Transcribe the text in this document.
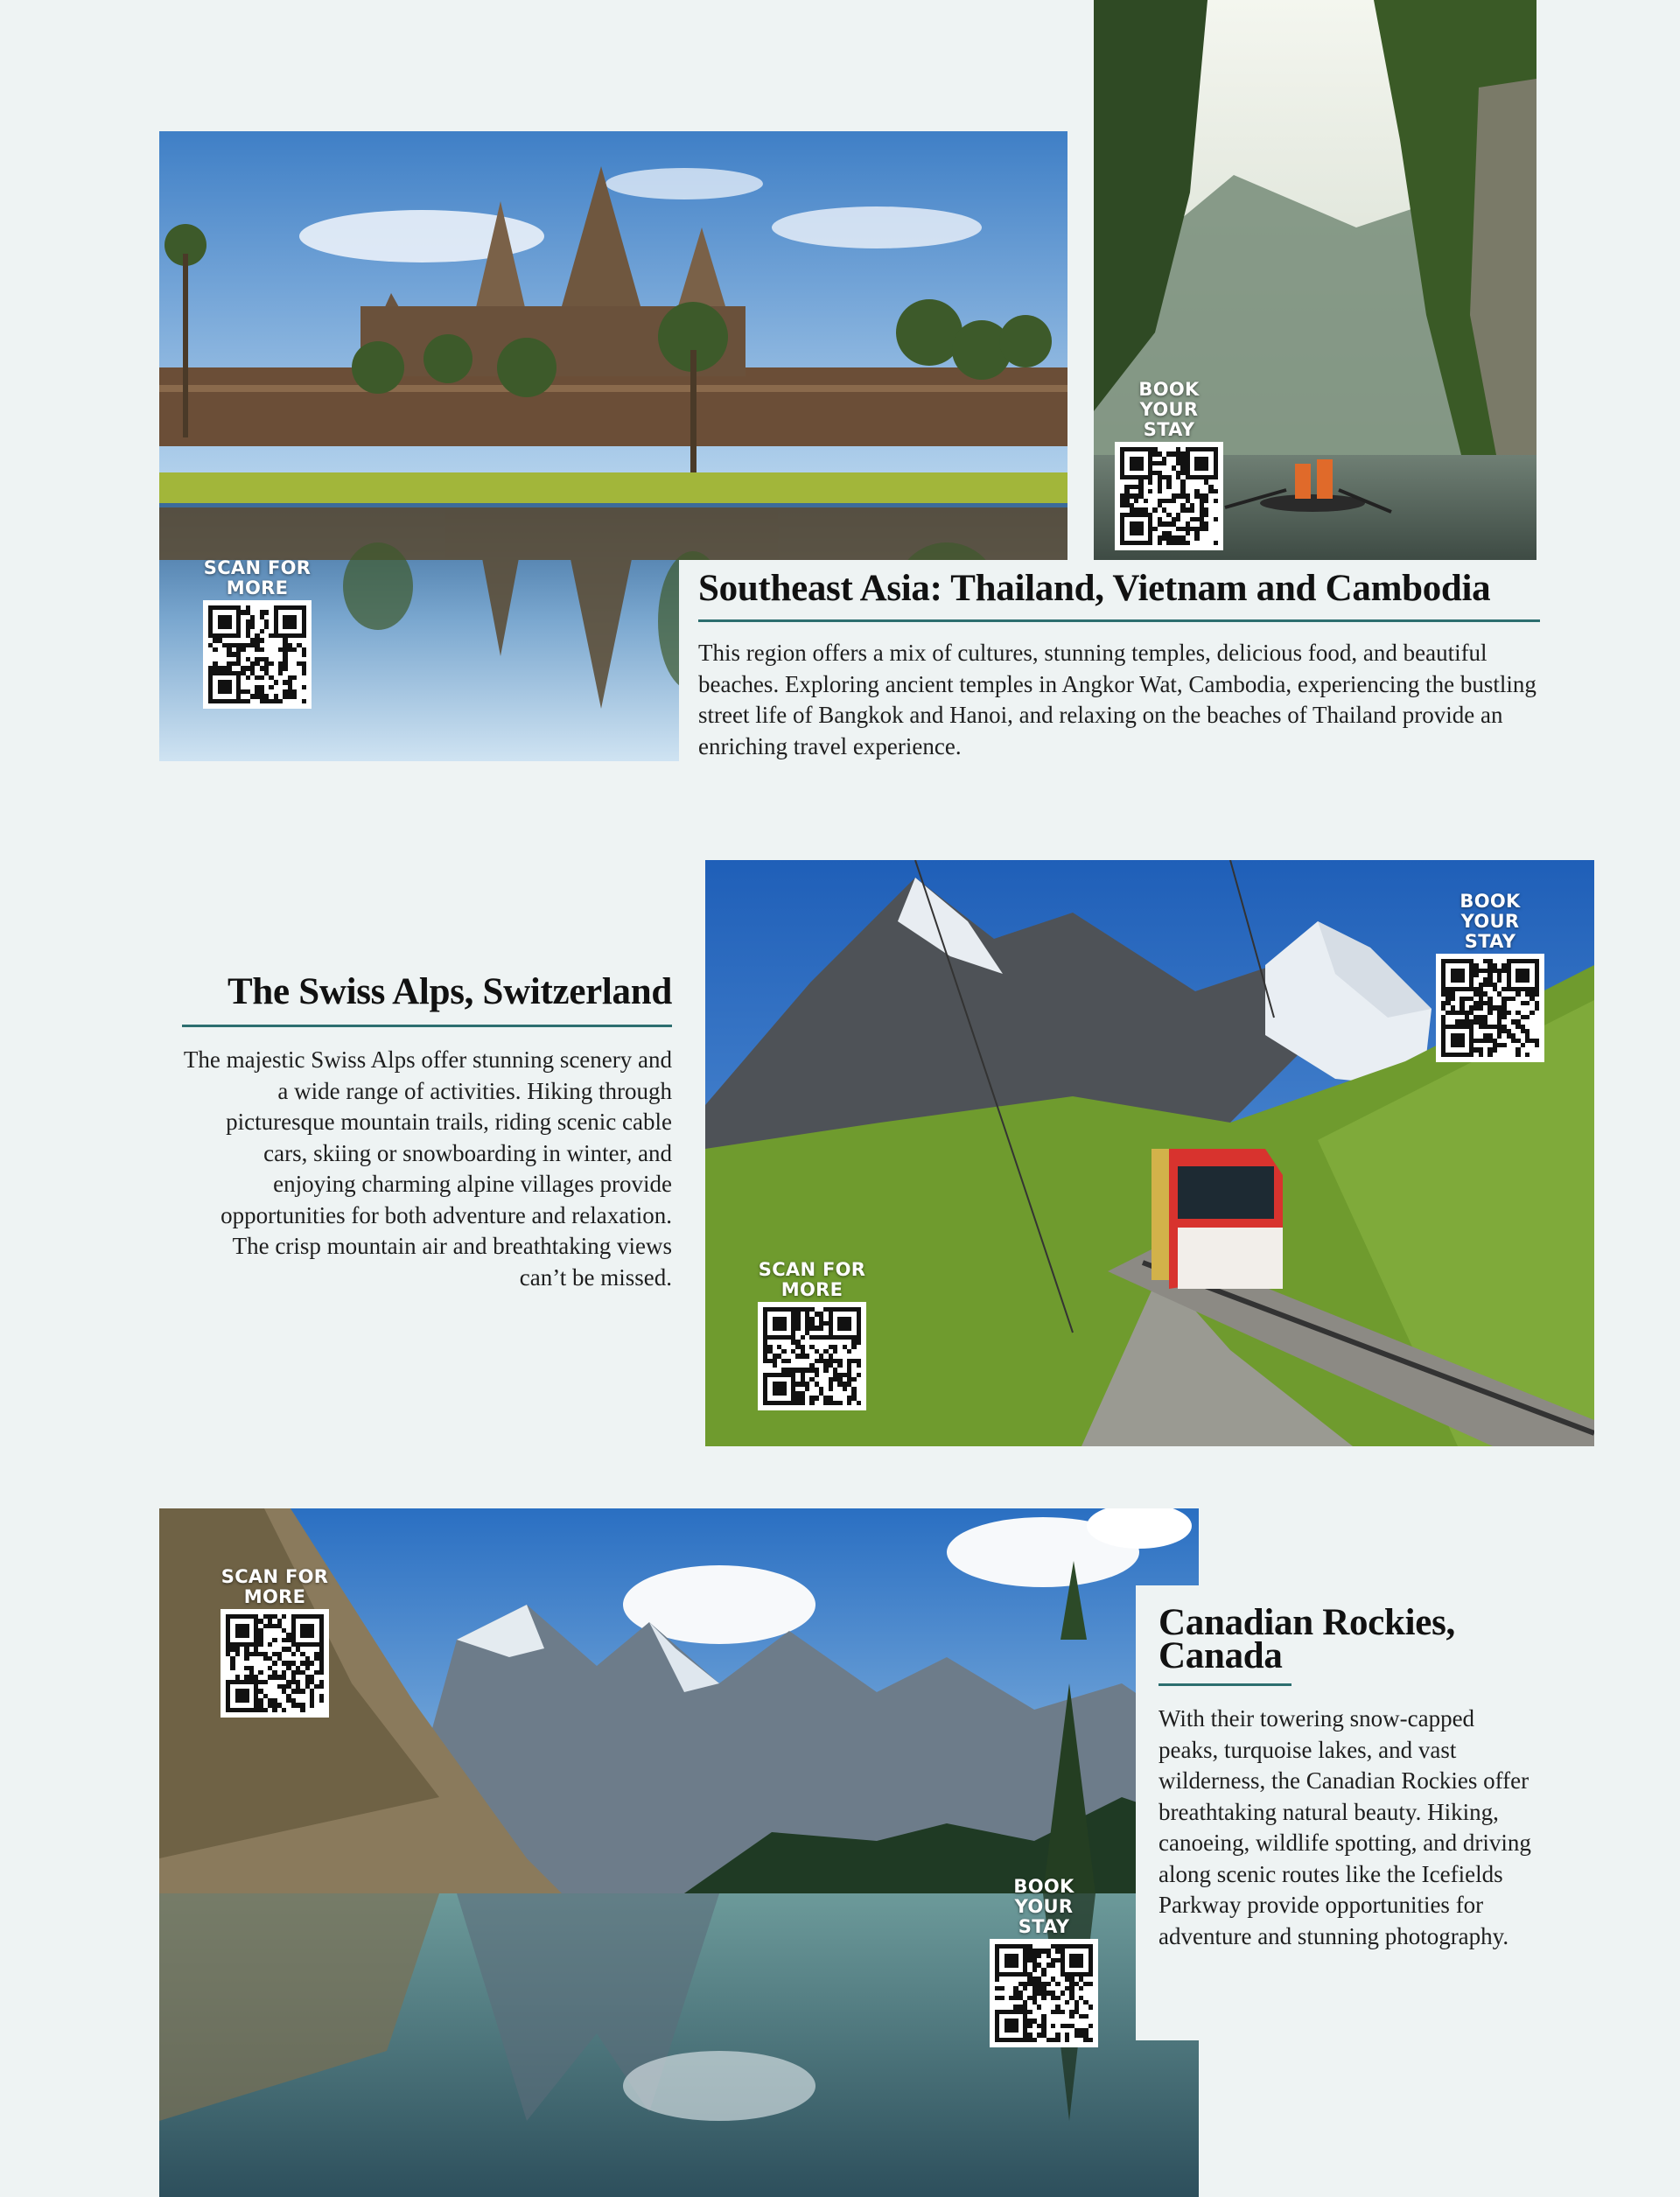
SCAN FOR
MORE
BOOK YOUR
STAY
Southeast Asia: Thailand, Vietnam and Cambodia

This region offers a mix of cultures, stunning temples, delicious food, and beautiful beaches. Exploring ancient temples in Angkor Wat, Cambodia, experiencing the bustling street life of Bangkok and Hanoi, and relaxing on the beaches of Thailand provide an enriching travel experience.

The Swiss Alps, Switzerland

The majestic Swiss Alps offer stunning scenery and a wide range of activities. Hiking through picturesque mountain trails, riding scenic cable cars, skiing or snowboarding in winter, and enjoying charming alpine villages provide opportunities for both adventure and relaxation. The crisp mountain air and breathtaking views can’t be missed.	SCAN FOR
MORE
BOOK YOUR
STAY
SCAN FOR
MORE
BOOK YOUR
STAY
Canadian Rockies, Canada

With their towering snow-capped peaks, turquoise lakes, and vast wilderness, the Canadian Rockies offer breathtaking natural beauty. Hiking, canoeing, wildlife spotting, and driving along scenic routes like the Icefields Parkway provide opportunities for adventure and stunning photography.
